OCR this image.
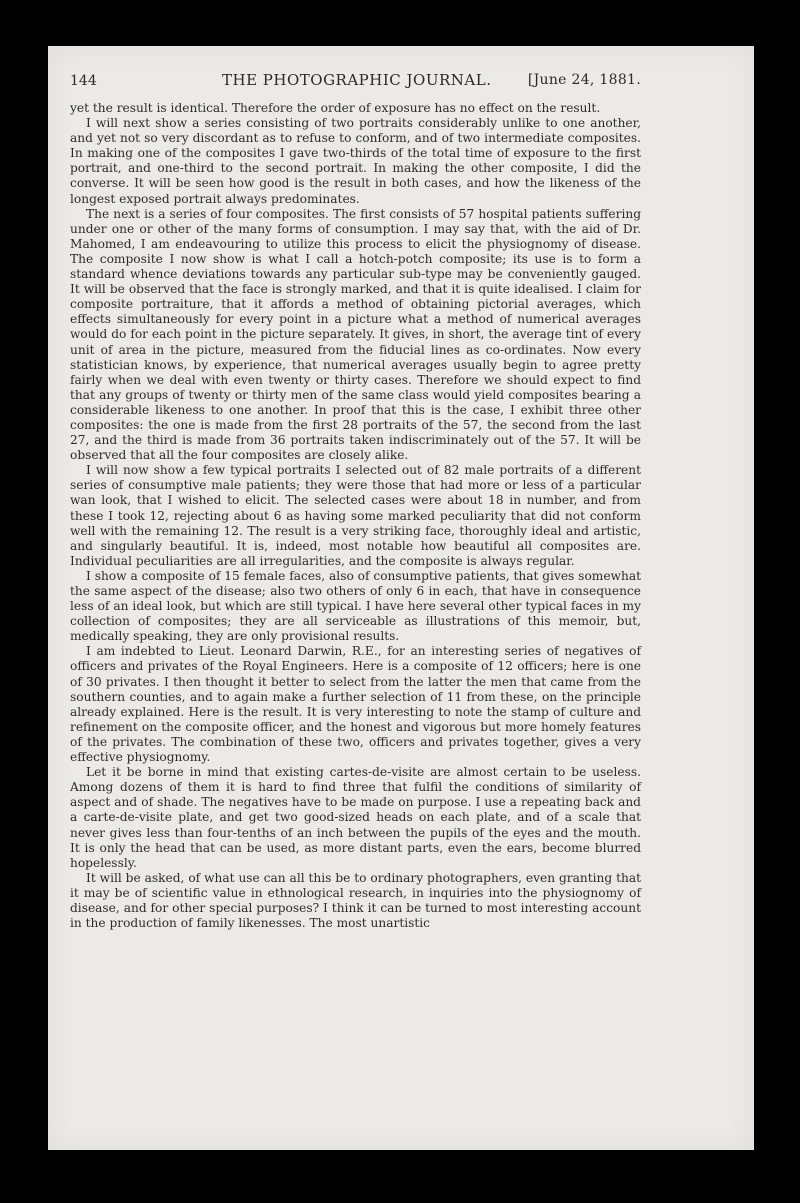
144	THE PHOTOGRAPHIC JOURNAL.	[June 24, 1881.

yet the result is identical. Therefore the order of exposure has no effect on the result.

I will next show a series consisting of two portraits considerably unlike to one another, and yet not so very discordant as to refuse to conform, and of two intermediate composites. In making one of the composites I gave two-thirds of the total time of exposure to the first portrait, and one-third to the second portrait. In making the other composite, I did the converse. It will be seen how good is the result in both cases, and how the likeness of the longest exposed portrait always predominates.

The next is a series of four composites. The first consists of 57 hospital patients suffering under one or other of the many forms of consumption. I may say that, with the aid of Dr. Mahomed, I am endeavouring to utilize this process to elicit the physiognomy of disease. The composite I now show is what I call a hotch-potch composite; its use is to form a standard whence deviations towards any particular sub-type may be conveniently gauged. It will be observed that the face is strongly marked, and that it is quite idealised. I claim for composite portraiture, that it affords a method of obtaining pictorial averages, which effects simultaneously for every point in a picture what a method of numerical averages would do for each point in the picture separately. It gives, in short, the average tint of every unit of area in the picture, measured from the fiducial lines as co-ordinates. Now every statistician knows, by experience, that numerical averages usually begin to agree pretty fairly when we deal with even twenty or thirty cases. Therefore we should expect to find that any groups of twenty or thirty men of the same class would yield composites bearing a considerable likeness to one another. In proof that this is the case, I exhibit three other composites: the one is made from the first 28 portraits of the 57, the second from the last 27, and the third is made from 36 portraits taken indiscriminately out of the 57. It will be observed that all the four composites are closely alike.

I will now show a few typical portraits I selected out of 82 male portraits of a different series of consumptive male patients; they were those that had more or less of a particular wan look, that I wished to elicit. The selected cases were about 18 in number, and from these I took 12, rejecting about 6 as having some marked peculiarity that did not conform well with the remaining 12. The result is a very striking face, thoroughly ideal and artistic, and singularly beautiful. It is, indeed, most notable how beautiful all composites are. Individual peculiarities are all irregularities, and the composite is always regular.

I show a composite of 15 female faces, also of consumptive patients, that gives somewhat the same aspect of the disease; also two others of only 6 in each, that have in consequence less of an ideal look, but which are still typical. I have here several other typical faces in my collection of composites; they are all serviceable as illustrations of this memoir, but, medically speaking, they are only provisional results.

I am indebted to Lieut. Leonard Darwin, R.E., for an interesting series of negatives of officers and privates of the Royal Engineers. Here is a composite of 12 officers; here is one of 30 privates. I then thought it better to select from the latter the men that came from the southern counties, and to again make a further selection of 11 from these, on the principle already explained. Here is the result. It is very interesting to note the stamp of culture and refinement on the composite officer, and the honest and vigorous but more homely features of the privates. The combination of these two, officers and privates together, gives a very effective physiognomy.

Let it be borne in mind that existing cartes-de-visite are almost certain to be useless. Among dozens of them it is hard to find three that fulfil the conditions of similarity of aspect and of shade. The negatives have to be made on purpose. I use a repeating back and a carte-de-visite plate, and get two good-sized heads on each plate, and of a scale that never gives less than four-tenths of an inch between the pupils of the eyes and the mouth. It is only the head that can be used, as more distant parts, even the ears, become blurred hopelessly.

It will be asked, of what use can all this be to ordinary photographers, even granting that it may be of scientific value in ethnological research, in inquiries into the physiognomy of disease, and for other special purposes? I think it can be turned to most interesting account in the production of family likenesses. The most unartistic
